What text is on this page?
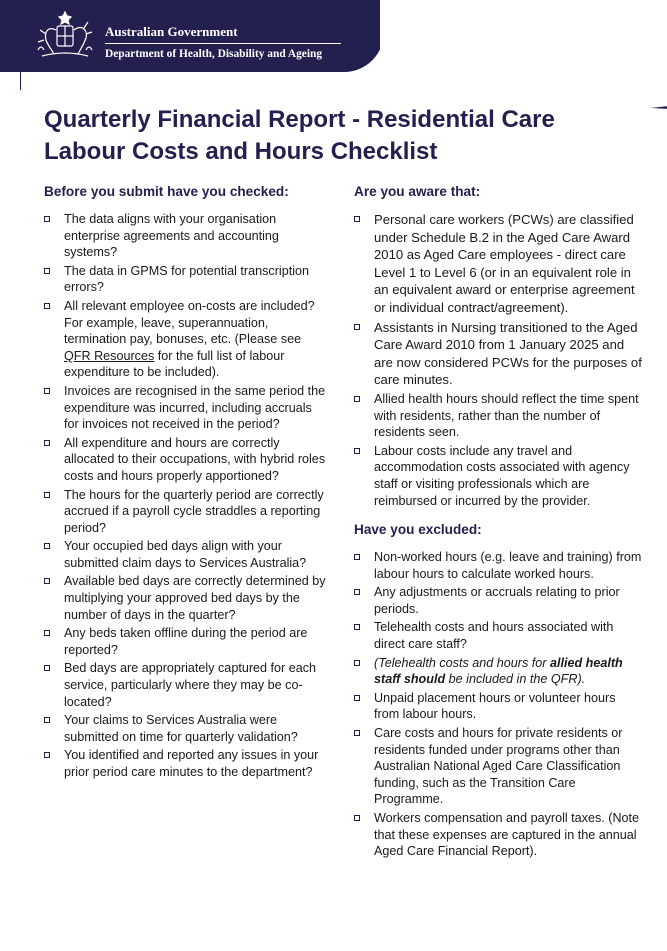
Australian Government
Department of Health, Disability and Ageing
Quarterly Financial Report - Residential Care
Labour Costs and Hours Checklist
Before you submit have you checked:
The data aligns with your organisation enterprise agreements and accounting systems?
The data in GPMS for potential transcription errors?
All relevant employee on-costs are included? For example, leave, superannuation, termination pay, bonuses, etc. (Please see QFR Resources for the full list of labour expenditure to be included).
Invoices are recognised in the same period the expenditure was incurred, including accruals for invoices not received in the period?
All expenditure and hours are correctly allocated to their occupations, with hybrid roles costs and hours properly apportioned?
The hours for the quarterly period are correctly accrued if a payroll cycle straddles a reporting period?
Your occupied bed days align with your submitted claim days to Services Australia?
Available bed days are correctly determined by multiplying your approved bed days by the number of days in the quarter?
Any beds taken offline during the period are reported?
Bed days are appropriately captured for each service, particularly where they may be co-located?
Your claims to Services Australia were submitted on time for quarterly validation?
You identified and reported any issues in your prior period care minutes to the department?
Are you aware that:
Personal care workers (PCWs) are classified under Schedule B.2 in the Aged Care Award 2010 as Aged Care employees - direct care Level 1 to Level 6 (or in an equivalent role in an equivalent award or enterprise agreement or individual contract/agreement).
Assistants in Nursing transitioned to the Aged Care Award 2010 from 1 January 2025 and are now considered PCWs for the purposes of care minutes.
Allied health hours should reflect the time spent with residents, rather than the number of residents seen.
Labour costs include any travel and accommodation costs associated with agency staff or visiting professionals which are reimbursed or incurred by the provider.
Have you excluded:
Non-worked hours (e.g. leave and training) from labour hours to calculate worked hours.
Any adjustments or accruals relating to prior periods.
Telehealth costs and hours associated with direct care staff?
(Telehealth costs and hours for allied health staff should be included in the QFR).
Unpaid placement hours or volunteer hours from labour hours.
Care costs and hours for private residents or residents funded under programs other than Australian National Aged Care Classification funding, such as the Transition Care Programme.
Workers compensation and payroll taxes. (Note that these expenses are captured in the annual Aged Care Financial Report).
